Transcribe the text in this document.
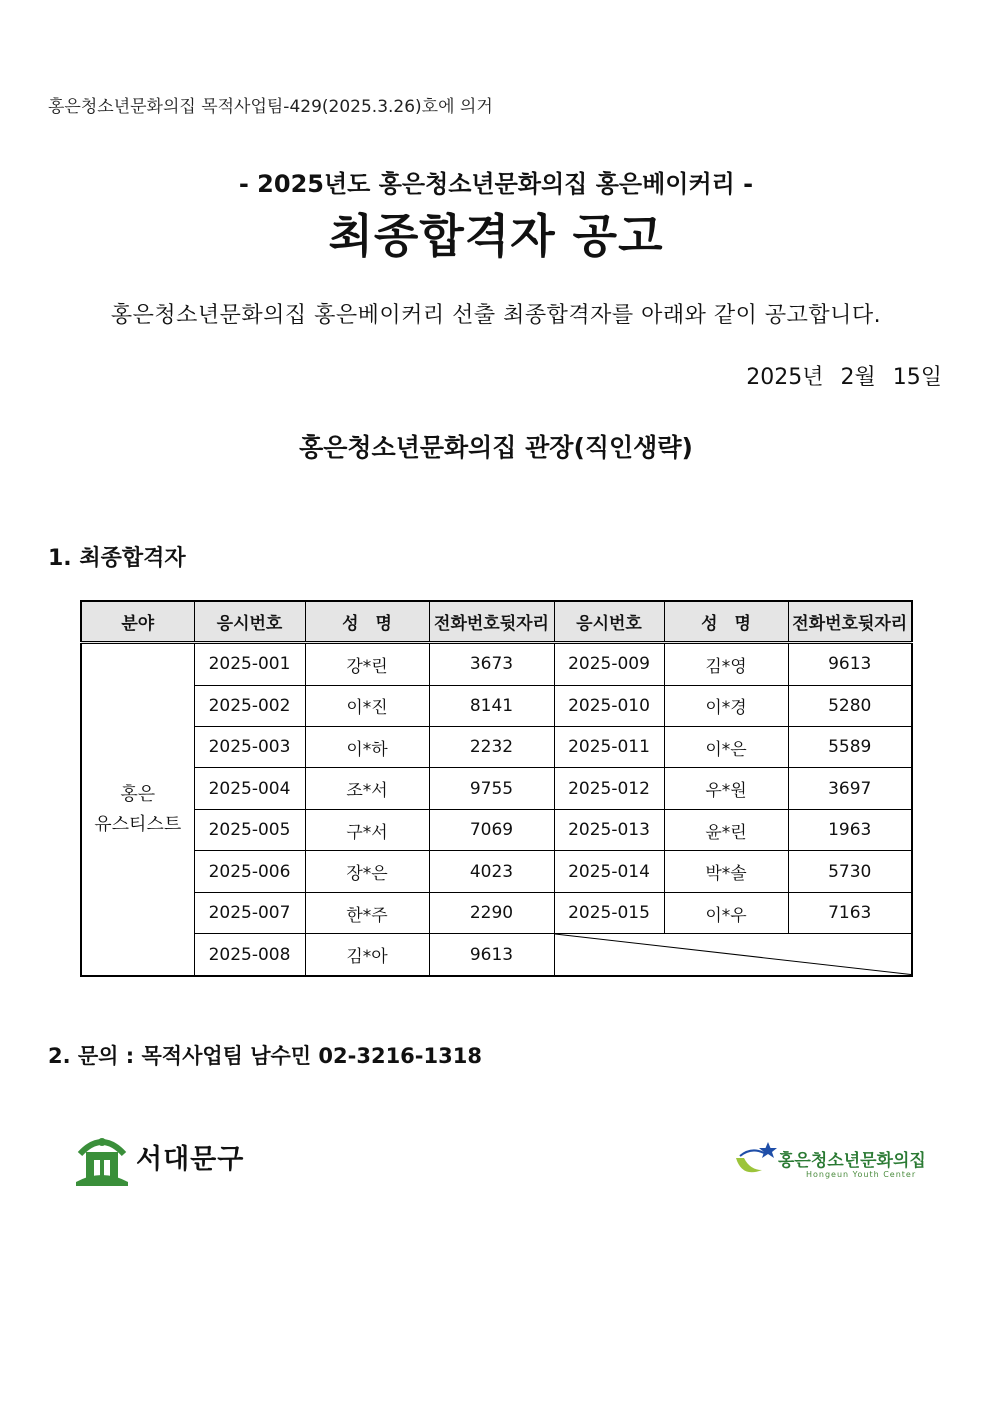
홍은청소년문화의집 목적사업팀-429(2025.3.26)호에 의거
- 2025년도 홍은청소년문화의집 홍은베이커리 -
최종합격자 공고
홍은청소년문화의집 홍은베이커리 선출 최종합격자를 아래와 같이 공고합니다.
2025년 2월 15일
홍은청소년문화의집 관장(직인생략)
1. 최종합격자
분야	응시번호	성　명	전화번호뒷자리	응시번호	성　명	전화번호뒷자리
홍은
유스티스트	2025-001	강*린	3673	2025-009	김*영	9613
	2025-002	이*진	8141	2025-010	이*경	5280
	2025-003	이*하	2232	2025-011	이*은	5589
	2025-004	조*서	9755	2025-012	우*원	3697
	2025-005	구*서	7069	2025-013	윤*린	1963
	2025-006	장*은	4023	2025-014	박*솔	5730
	2025-007	한*주	2290	2025-015	이*우	7163
	2025-008	김*아	9613	
2. 문의 : 목적사업팀 남수민 02-3216-1318
서대문구	홍은청소년문화의집
Hongeun Youth Center
